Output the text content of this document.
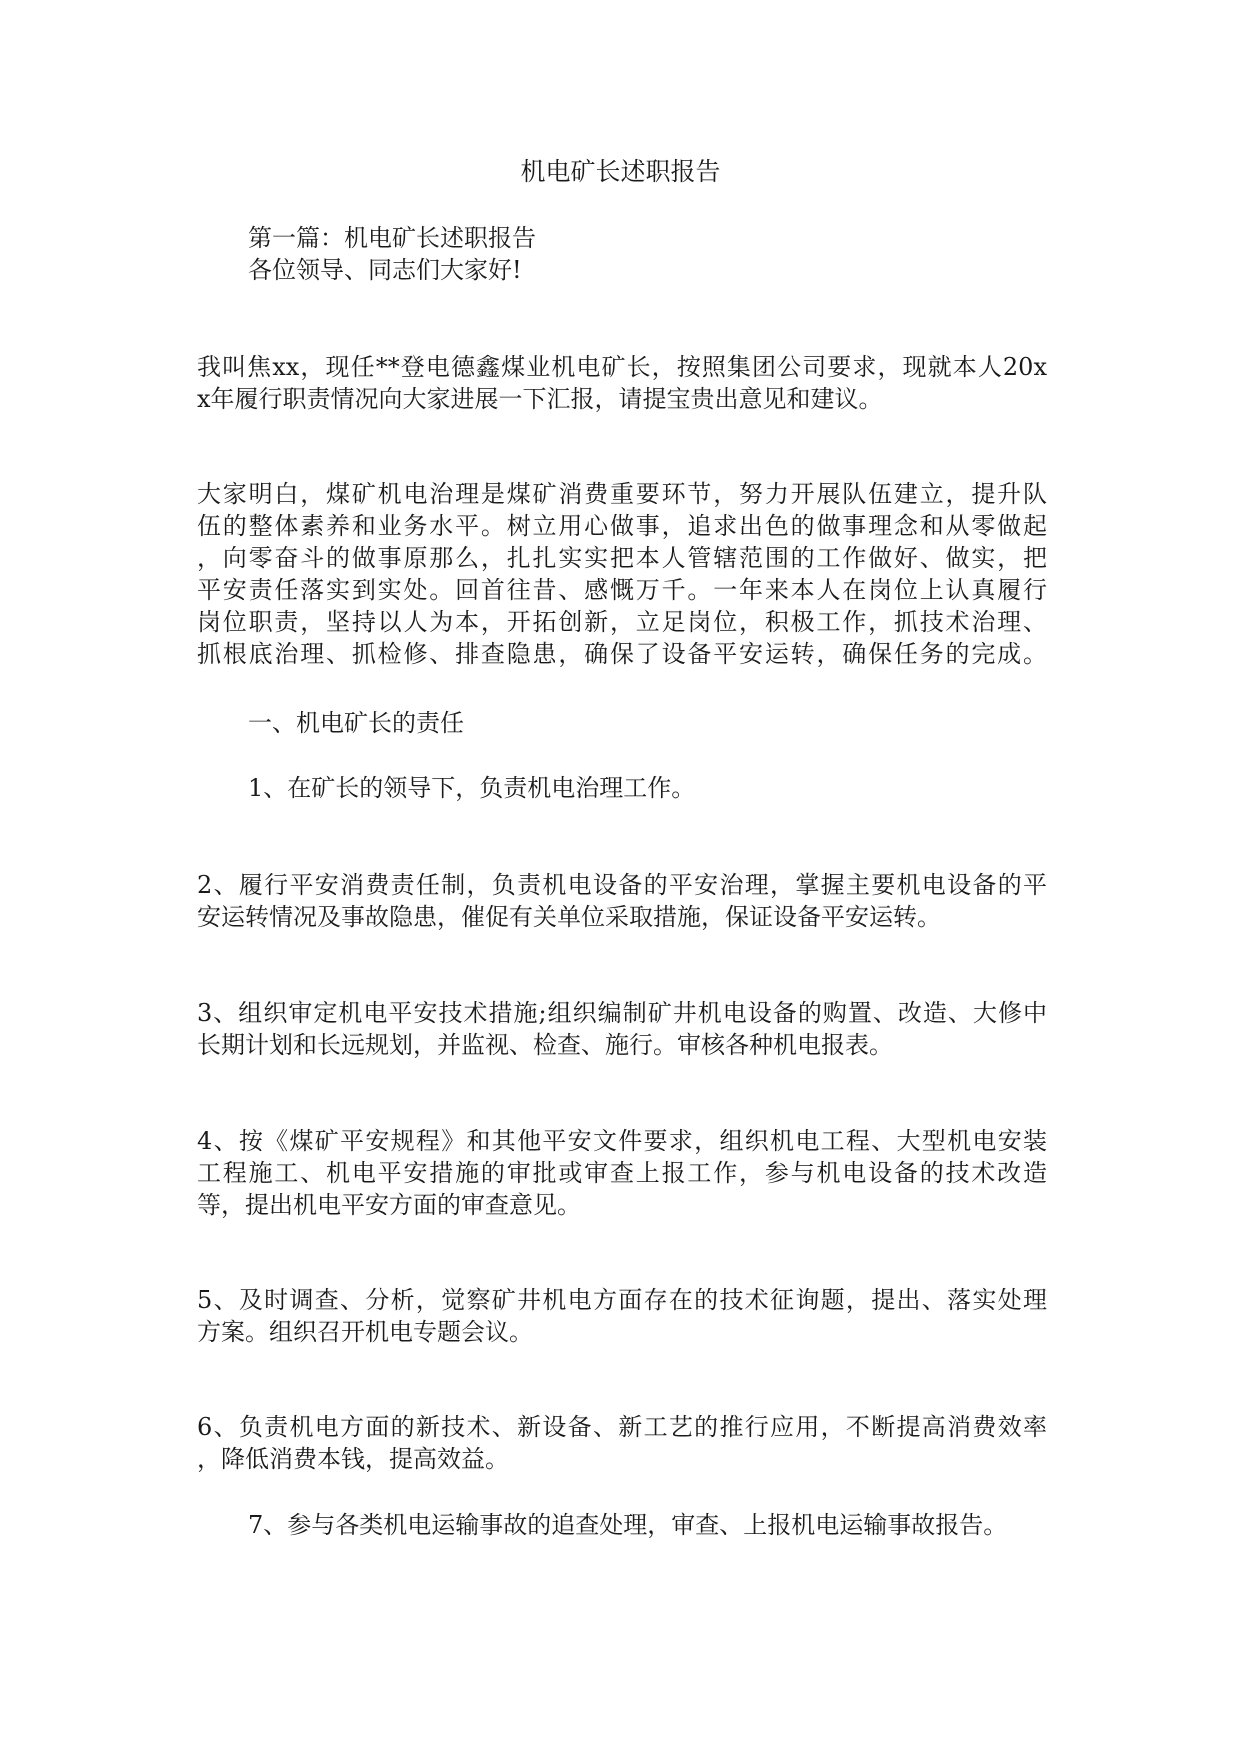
机电矿长述职报告
第一篇：机电矿长述职报告
各位领导、同志们大家好!
我叫焦xx，现任**登电德鑫煤业机电矿长，按照集团公司要求，现就本人20x
x年履行职责情况向大家进展一下汇报，请提宝贵出意见和建议。
大家明白，煤矿机电治理是煤矿消费重要环节，努力开展队伍建立，提升队
伍的整体素养和业务水平。树立用心做事，追求出色的做事理念和从零做起
，向零奋斗的做事原那么，扎扎实实把本人管辖范围的工作做好、做实，把
平安责任落实到实处。回首往昔、感慨万千。一年来本人在岗位上认真履行
岗位职责，坚持以人为本，开拓创新，立足岗位，积极工作，抓技术治理、
抓根底治理、抓检修、排查隐患，确保了设备平安运转，确保任务的完成。
一、机电矿长的责任
1、在矿长的领导下，负责机电治理工作。
2、履行平安消费责任制，负责机电设备的平安治理，掌握主要机电设备的平
安运转情况及事故隐患，催促有关单位采取措施，保证设备平安运转。
3、组织审定机电平安技术措施;组织编制矿井机电设备的购置、改造、大修中
长期计划和长远规划，并监视、检查、施行。审核各种机电报表。
4、按《煤矿平安规程》和其他平安文件要求，组织机电工程、大型机电安装
工程施工、机电平安措施的审批或审查上报工作，参与机电设备的技术改造
等，提出机电平安方面的审查意见。
5、及时调查、分析，觉察矿井机电方面存在的技术征询题，提出、落实处理
方案。组织召开机电专题会议。
6、负责机电方面的新技术、新设备、新工艺的推行应用，不断提高消费效率
，降低消费本钱，提高效益。
7、参与各类机电运输事故的追查处理，审查、上报机电运输事故报告。
